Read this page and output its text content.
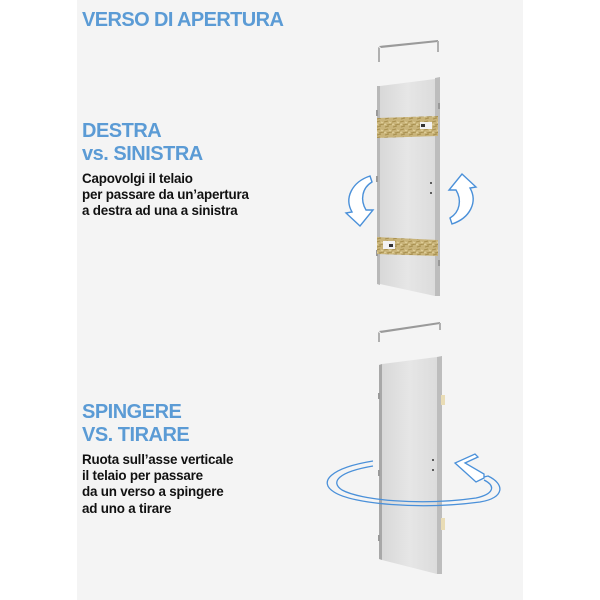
VERSO DI APERTURA
DESTRA
vs. SINISTRA

Capovolgi il telaio
per passare da un’apertura
a destra ad una a sinistra

SPINGERE
VS. TIRARE

Ruota sull’asse verticale
il telaio per passare
da un verso a spingere
ad uno a tirare
